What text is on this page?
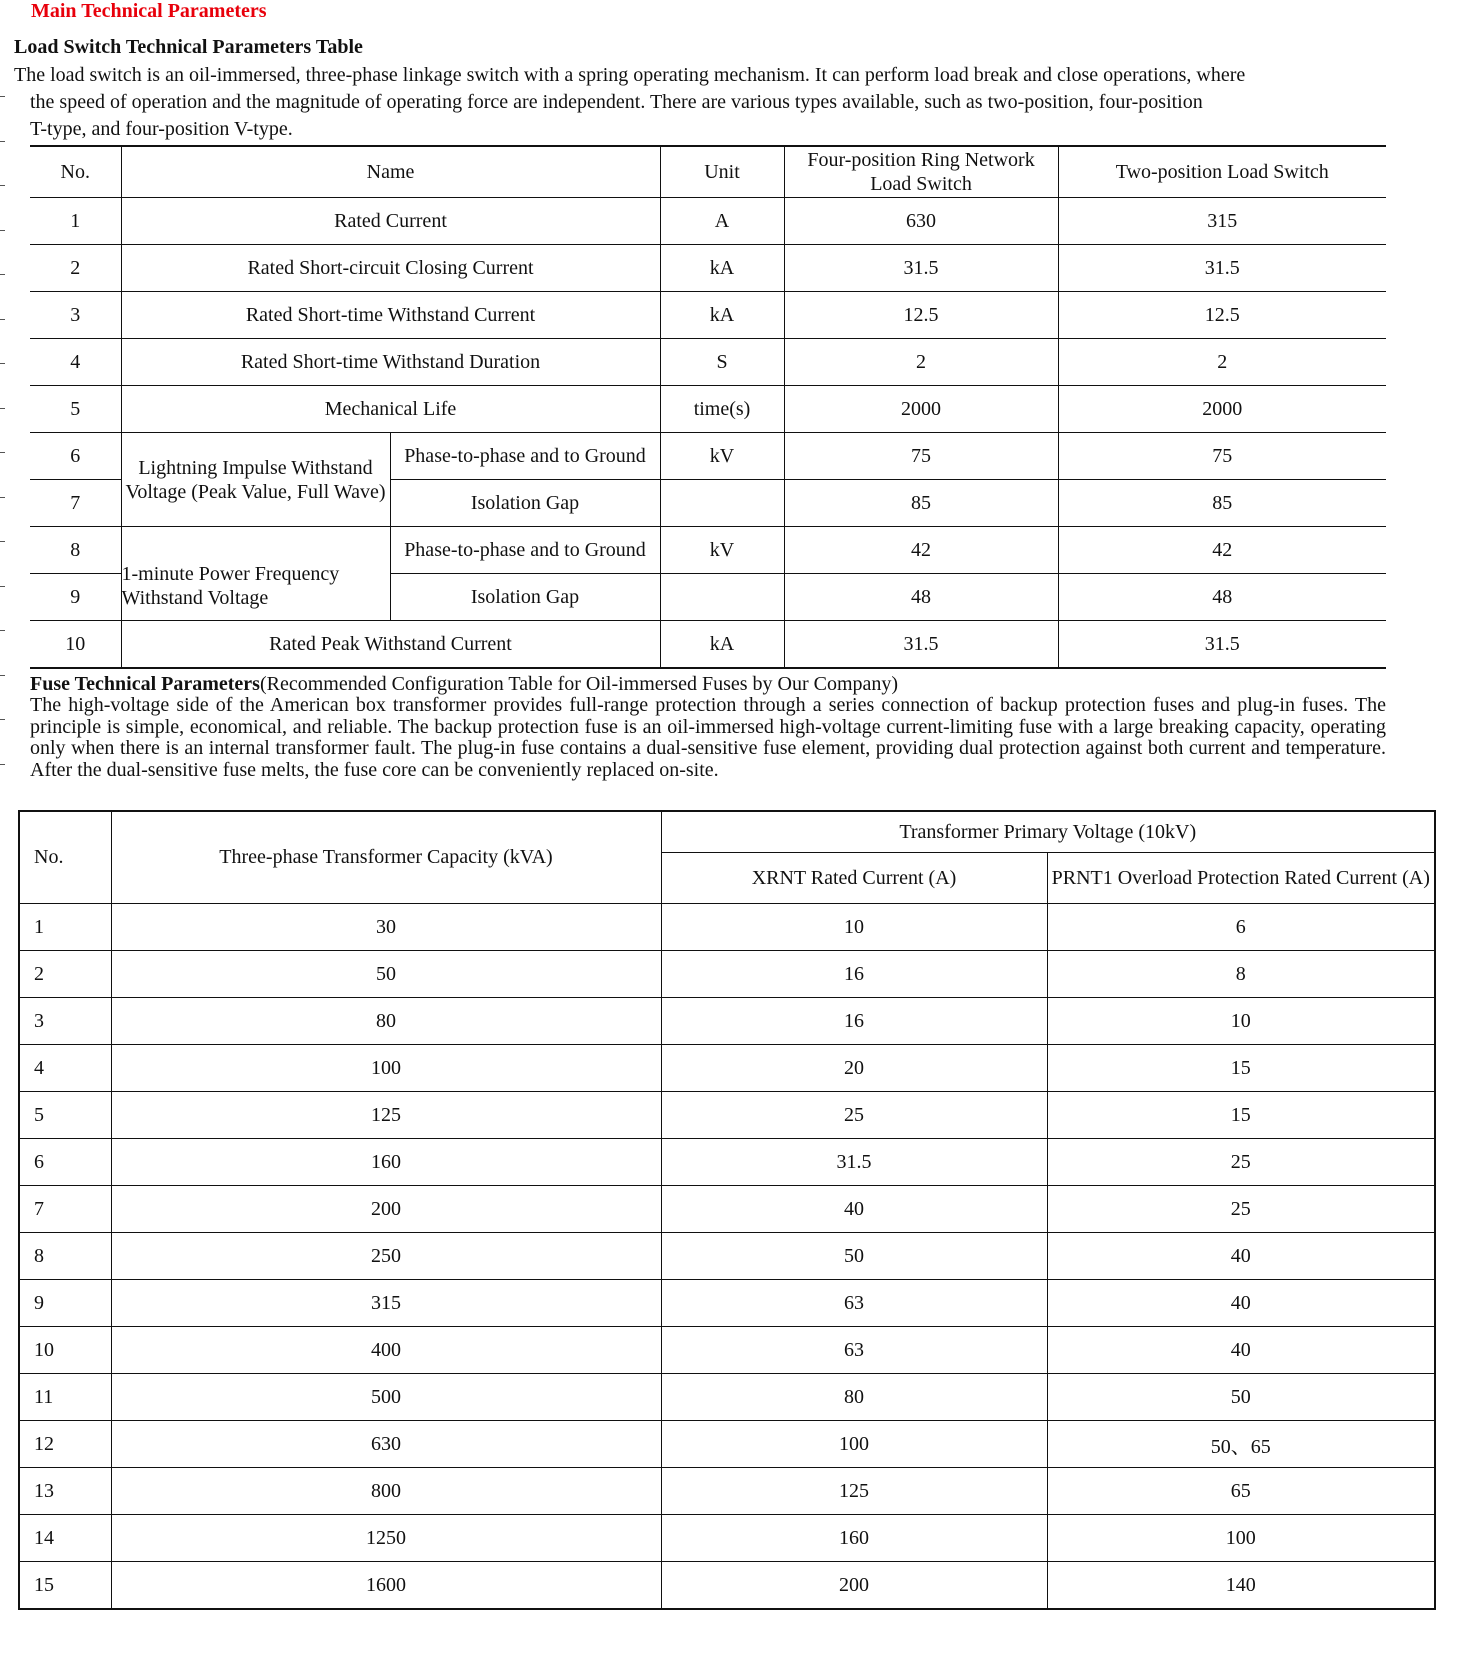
Main Technical Parameters
Load Switch Technical Parameters Table
The load switch is an oil-immersed, three-phase linkage switch with a spring operating mechanism. It can perform load break and close operations, where
the speed of operation and the magnitude of operating force are independent. There are various types available, such as two-position, four-position
T-type, and four-position V-type.
No.	Name		Unit	Four-position Ring Network Load Switch	Two-position Load Switch
1	Rated Current		A	630	315
2	Rated Short-circuit Closing Current		kA	31.5	31.5
3	Rated Short-time Withstand Current		kA	12.5	12.5
4	Rated Short-time Withstand Duration		S	2	2
5	Mechanical Life		time(s)	2000	2000
6	Lightning Impulse Withstand Voltage (Peak Value, Full Wave)	Phase-to-phase and to Ground	kV	75	75
7		Isolation Gap		85	85
8	1-minute Power Frequency Withstand Voltage	Phase-to-phase and to Ground	kV	42	42
9		Isolation Gap		48	48
10	Rated Peak Withstand Current		kA	31.5	31.5
Fuse Technical Parameters(Recommended Configuration Table for Oil-immersed Fuses by Our Company)
The high-voltage side of the American box transformer provides full-range protection through a series connection of backup protection fuses and plug-in fuses. The principle is simple, economical, and reliable. The backup protection fuse is an oil-immersed high-voltage current-limiting fuse with a large breaking capacity, operating only when there is an internal transformer fault. The plug-in fuse contains a dual-sensitive fuse element, providing dual protection against both current and temperature. After the dual-sensitive fuse melts, the fuse core can be conveniently replaced on-site.
No.	Three-phase Transformer Capacity (kVA)	Transformer Primary Voltage (10kV)	
		XRNT Rated Current (A)	PRNT1 Overload Protection Rated Current (A)
1	30	10	6
2	50	16	8
3	80	16	10
4	100	20	15
5	125	25	15
6	160	31.5	25
7	200	40	25
8	250	50	40
9	315	63	40
10	400	63	40
11	500	80	50
12	630	100	50、65
13	800	125	65
14	1250	160	100
15	1600	200	140
